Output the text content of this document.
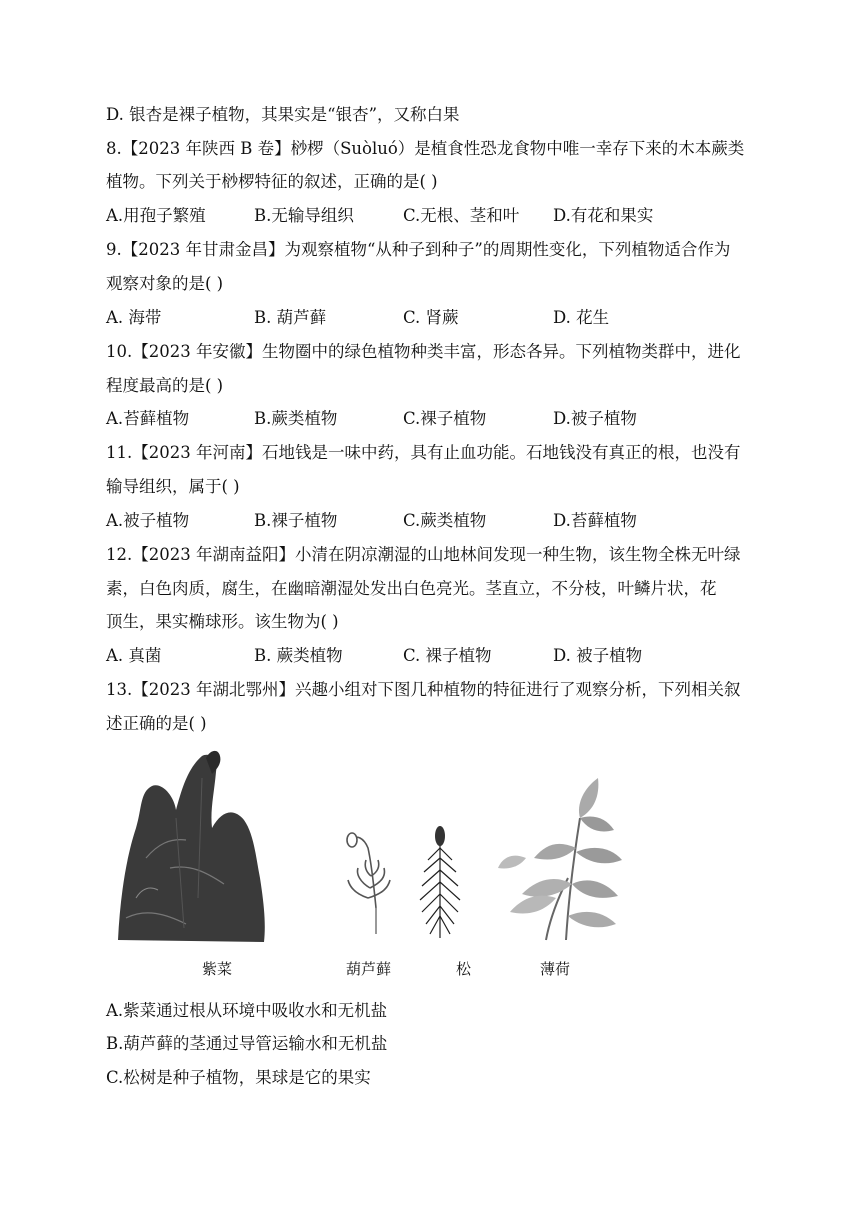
D. 银杏是裸子植物，其果实是“银杏”，又称白果
8.【2023 年陕西 B 卷】桫椤（Suòluó）是植食性恐龙食物中唯一幸存下来的木本蕨类
植物。下列关于桫椤特征的叙述，正确的是( )
A.用孢子繁殖	B.无输导组织	C.无根、茎和叶 D.有花和果实
9.【2023 年甘肃金昌】为观察植物“从种子到种子”的周期性变化，下列植物适合作为
观察对象的是( )
A. 海带	B. 葫芦藓	C. 肾蕨	D. 花生
10.【2023 年安徽】生物圈中的绿色植物种类丰富，形态各异。下列植物类群中，进化
程度最高的是( )
A.苔藓植物	B.蕨类植物	C.裸子植物	D.被子植物
11.【2023 年河南】石地钱是一味中药，具有止血功能。石地钱没有真正的根，也没有
输导组织，属于( )
A.被子植物	B.裸子植物	C.蕨类植物	D.苔藓植物
12.【2023 年湖南益阳】小清在阴凉潮湿的山地林间发现一种生物，该生物全株无叶绿
素，白色肉质，腐生，在幽暗潮湿处发出白色亮光。茎直立，不分枝，叶鳞片状，花
顶生，果实椭球形。该生物为( )
A. 真菌	B. 蕨类植物	C. 裸子植物	D. 被子植物
13.【2023 年湖北鄂州】兴趣小组对下图几种植物的特征进行了观察分析，下列相关叙
述正确的是( )
紫菜	葫芦藓	松	薄荷
A.紫菜通过根从环境中吸收水和无机盐
B.葫芦藓的茎通过导管运输水和无机盐
C.松树是种子植物，果球是它的果实
